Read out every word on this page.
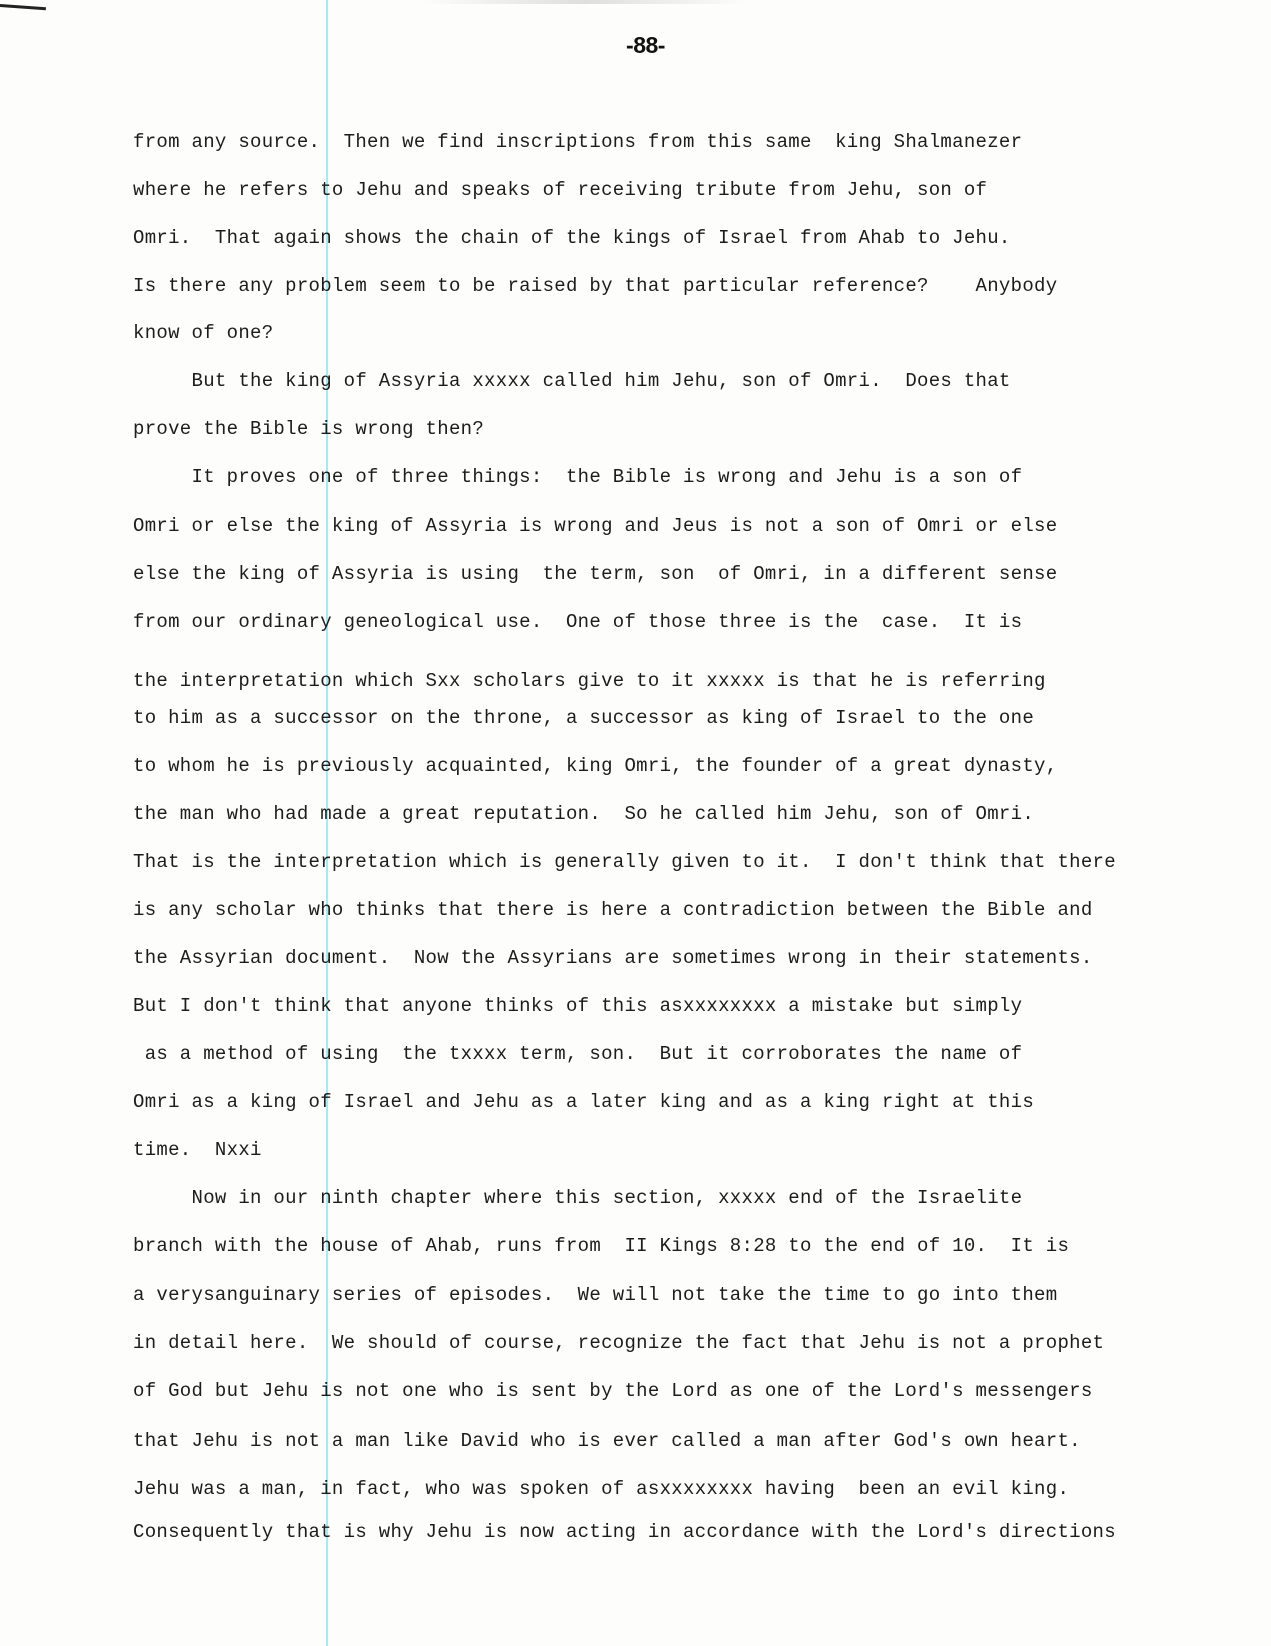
-88-
from any source.  Then we find inscriptions from this same  king Shalmanezer
where he refers to Jehu and speaks of receiving tribute from Jehu, son of
Omri.  That again shows the chain of the kings of Israel from Ahab to Jehu.
Is there any problem seem to be raised by that particular reference?    Anybody
know of one?
But the king of Assyria xxxxx called him Jehu, son of Omri.  Does that
prove the Bible is wrong then?
It proves one of three things:  the Bible is wrong and Jehu is a son of
Omri or else the king of Assyria is wrong and Jeus is not a son of Omri or else
else the king of Assyria is using  the term, son  of Omri, in a different sense
from our ordinary geneological use.  One of those three is the  case.  It is
the interpretation which Sxx scholars give to it xxxxx is that he is referring
to him as a successor on the throne, a successor as king of Israel to the one
to whom he is previously acquainted, king Omri, the founder of a great dynasty,
the man who had made a great reputation.  So he called him Jehu, son of Omri.
That is the interpretation which is generally given to it.  I don't think that there
is any scholar who thinks that there is here a contradiction between the Bible and
the Assyrian document.  Now the Assyrians are sometimes wrong in their statements.
But I don't think that anyone thinks of this asxxxxxxxx a mistake but simply
as a method of using  the txxxx term, son.  But it corroborates the name of
Omri as a king of Israel and Jehu as a later king and as a king right at this
time.  Nxxi
Now in our ninth chapter where this section, xxxxx end of the Israelite
branch with the house of Ahab, runs from  II Kings 8:28 to the end of 10.  It is
a verysanguinary series of episodes.  We will not take the time to go into them
in detail here.  We should of course, recognize the fact that Jehu is not a prophet
of God but Jehu is not one who is sent by the Lord as one of the Lord's messengers
that Jehu is not a man like David who is ever called a man after God's own heart.
Jehu was a man, in fact, who was spoken of asxxxxxxxx having  been an evil king.
Consequently that is why Jehu is now acting in accordance with the Lord's directions
